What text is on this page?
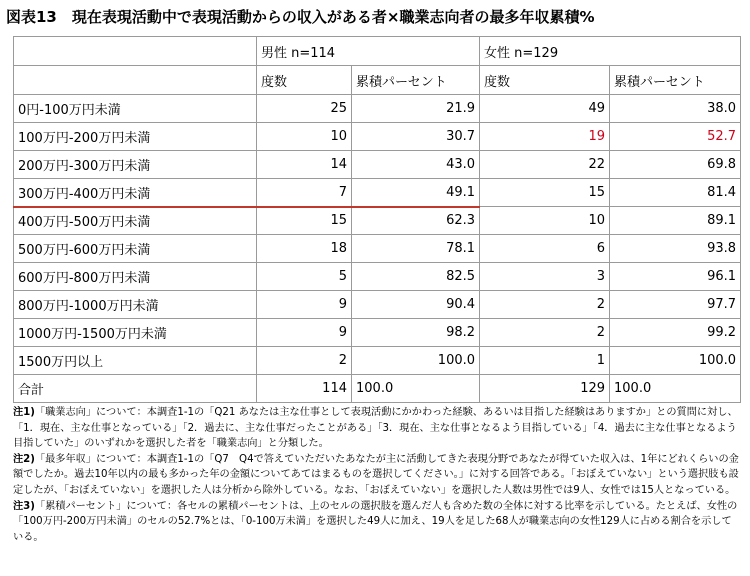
図表13　現在表現活動中で表現活動からの収入がある者×職業志向者の最多年収累積%
	男性 n=114		女性 n=129	
	度数	累積パーセント	度数	累積パーセント
0円-100万円未満	25	21.9	49	38.0
100万円-200万円未満	10	30.7	19	52.7
200万円-300万円未満	14	43.0	22	69.8
300万円-400万円未満	7	49.1	15	81.4
400万円-500万円未満	15	62.3	10	89.1
500万円-600万円未満	18	78.1	6	93.8
600万円-800万円未満	5	82.5	3	96.1
800万円-1000万円未満	9	90.4	2	97.7
1000万円-1500万円未満	9	98.2	2	99.2
1500万円以上	2	100.0	1	100.0
合計	114	100.0	129	100.0

注1)「職業志向」について：本調査1-1の「Q21 あなたは主な仕事として表現活動にかかわった経験、あるいは目指した経験はありますか」との質問に対し、「1．現在、主な仕事となっている」「2．過去に、主な仕事だったことがある」「3．現在、主な仕事となるよう目指している」「4．過去に主な仕事となるよう目指していた」のいずれかを選択した者を「職業志向」と分類した。

注2)「最多年収」について：本調査1-1の「Q7　Q4で答えていただいたあなたが主に活動してきた表現分野であなたが得ていた収入は、1年にどれくらいの金額でしたか。過去10年以内の最も多かった年の金額についてあてはまるものを選択してください。」に対する回答である。「おぼえていない」という選択肢も設定したが、「おぼえていない」を選択した人は分析から除外している。なお、「おぼえていない」を選択した人数は男性では9人、女性では15人となっている。

注3)「累積パーセント」について：各セルの累積パーセントは、上のセルの選択肢を選んだ人も含めた数の全体に対する比率を示している。たとえば、女性の「100万円-200万円未満」のセルの52.7%とは、「0-100万未満」を選択した49人に加え、19人を足した68人が職業志向の女性129人に占める割合を示している。
